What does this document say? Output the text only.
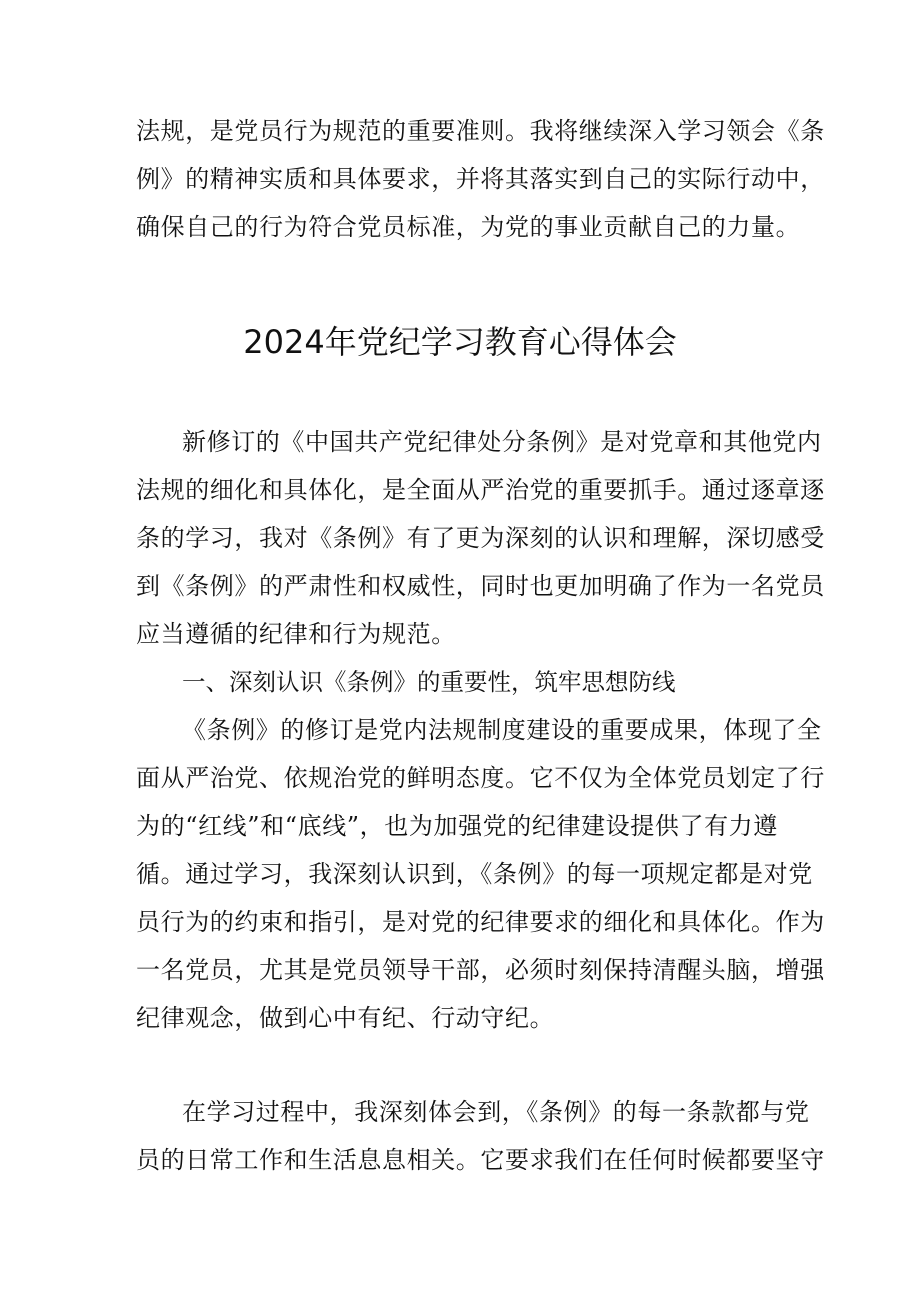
法规，是党员行为规范的重要准则。我将继续深入学习领会《条
例》的精神实质和具体要求，并将其落实到自己的实际行动中，
确保自己的行为符合党员标准，为党的事业贡献自己的力量。
2024年党纪学习教育心得体会
新修订的《中国共产党纪律处分条例》是对党章和其他党内
法规的细化和具体化，是全面从严治党的重要抓手。通过逐章逐
条的学习，我对《条例》有了更为深刻的认识和理解，深切感受
到《条例》的严肃性和权威性，同时也更加明确了作为一名党员
应当遵循的纪律和行为规范。
一、深刻认识《条例》的重要性，筑牢思想防线
《条例》的修订是党内法规制度建设的重要成果，体现了全
面从严治党、依规治党的鲜明态度。它不仅为全体党员划定了行
为的“红线”和“底线”，也为加强党的纪律建设提供了有力遵
循。通过学习，我深刻认识到，《条例》的每一项规定都是对党
员行为的约束和指引，是对党的纪律要求的细化和具体化。作为
一名党员，尤其是党员领导干部，必须时刻保持清醒头脑，增强
纪律观念，做到心中有纪、行动守纪。
在学习过程中，我深刻体会到，《条例》的每一条款都与党
员的日常工作和生活息息相关。它要求我们在任何时候都要坚守
